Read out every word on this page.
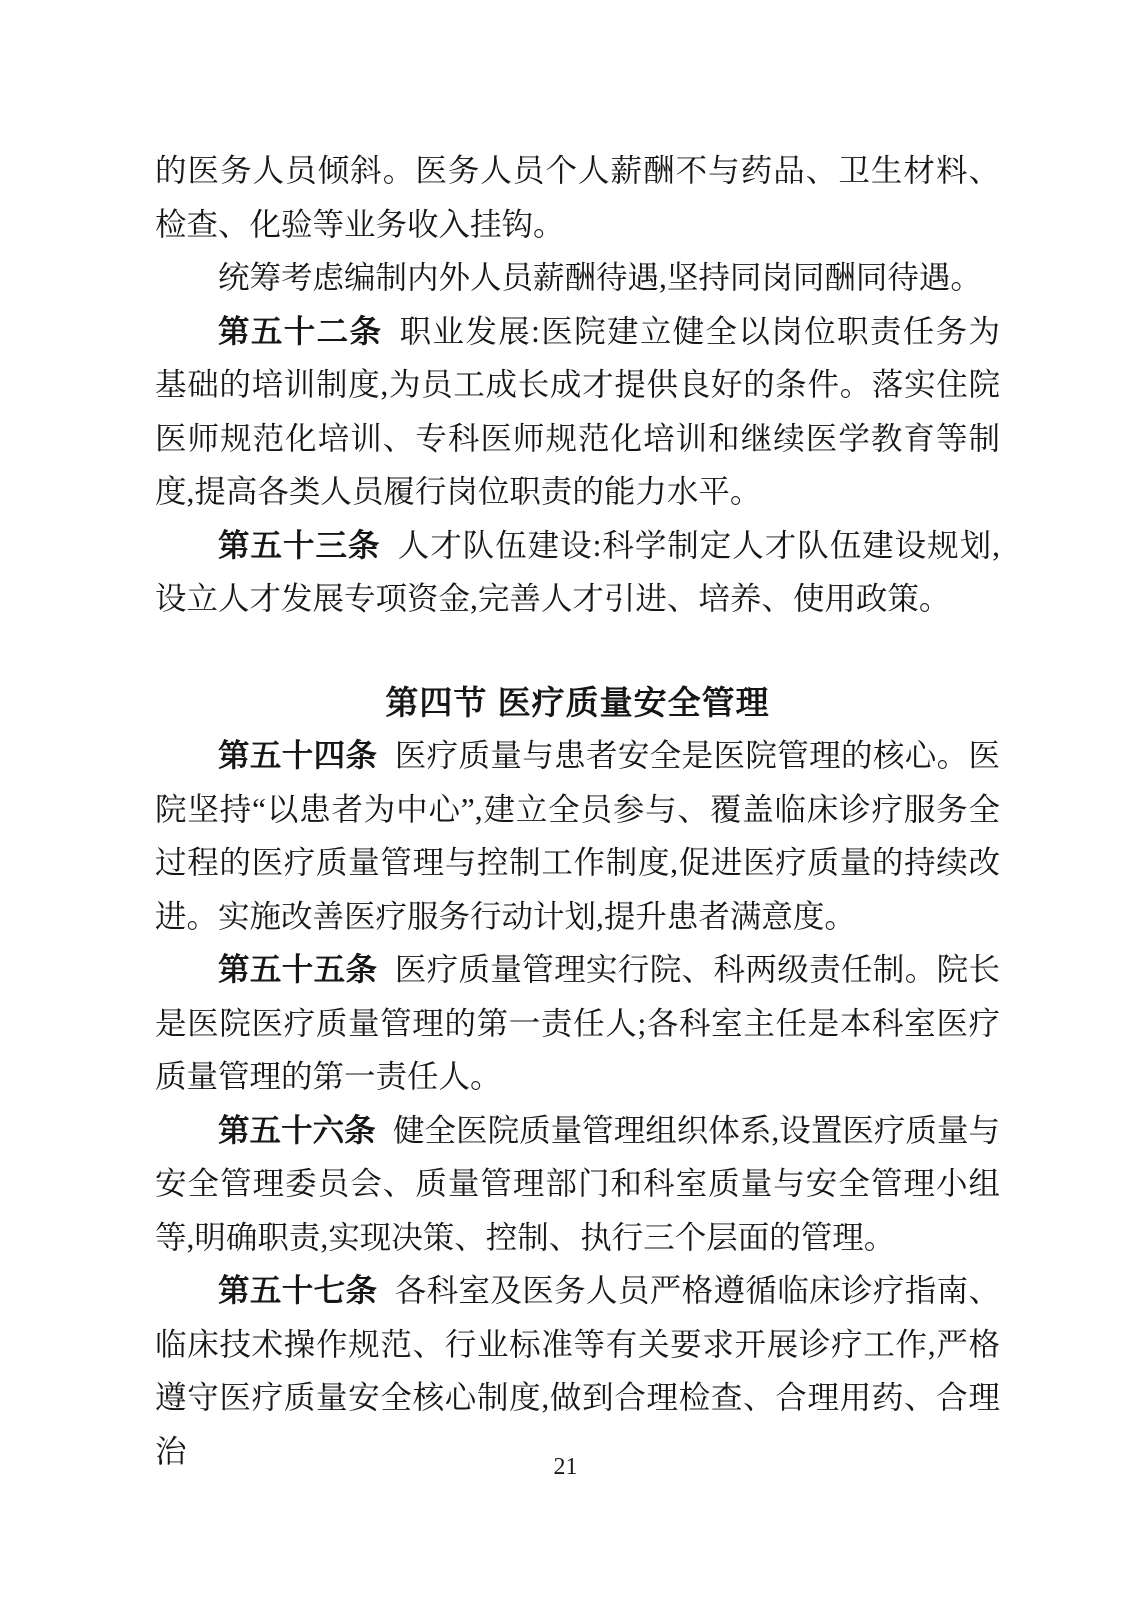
的医务人员倾斜。医务人员个人薪酬不与药品、卫生材料、检查、化验等业务收入挂钩。

统筹考虑编制内外人员薪酬待遇,坚持同岗同酬同待遇。

第五十二条 职业发展:医院建立健全以岗位职责任务为基础的培训制度,为员工成长成才提供良好的条件。落实住院医师规范化培训、专科医师规范化培训和继续医学教育等制度,提高各类人员履行岗位职责的能力水平。

第五十三条 人才队伍建设:科学制定人才队伍建设规划,设立人才发展专项资金,完善人才引进、培养、使用政策。

第四节 医疗质量安全管理

第五十四条 医疗质量与患者安全是医院管理的核心。医院坚持“以患者为中心”,建立全员参与、覆盖临床诊疗服务全过程的医疗质量管理与控制工作制度,促进医疗质量的持续改进。实施改善医疗服务行动计划,提升患者满意度。

第五十五条 医疗质量管理实行院、科两级责任制。院长是医院医疗质量管理的第一责任人;各科室主任是本科室医疗质量管理的第一责任人。

第五十六条 健全医院质量管理组织体系,设置医疗质量与安全管理委员会、质量管理部门和科室质量与安全管理小组等,明确职责,实现决策、控制、执行三个层面的管理。

第五十七条 各科室及医务人员严格遵循临床诊疗指南、临床技术操作规范、行业标准等有关要求开展诊疗工作,严格遵守医疗质量安全核心制度,做到合理检查、合理用药、合理治	21
